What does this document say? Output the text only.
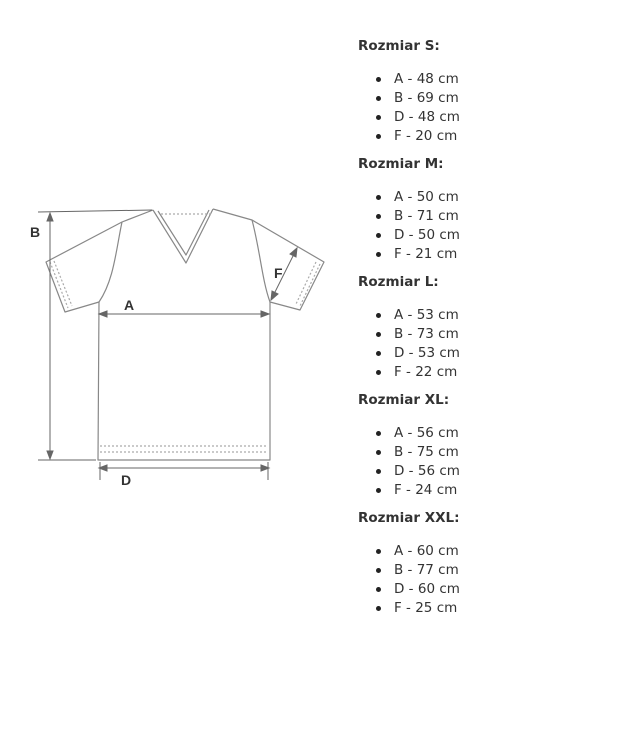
B
A
D
F
Rozmiar S:
A - 48 cm
B - 69 cm
D - 48 cm
F - 20 cm
Rozmiar M:
A - 50 cm
B - 71 cm
D - 50 cm
F - 21 cm
Rozmiar L:
A - 53 cm
B - 73 cm
D - 53 cm
F - 22 cm
Rozmiar XL:
A - 56 cm
B - 75 cm
D - 56 cm
F - 24 cm
Rozmiar XXL:
A - 60 cm
B - 77 cm
D - 60 cm
F - 25 cm
